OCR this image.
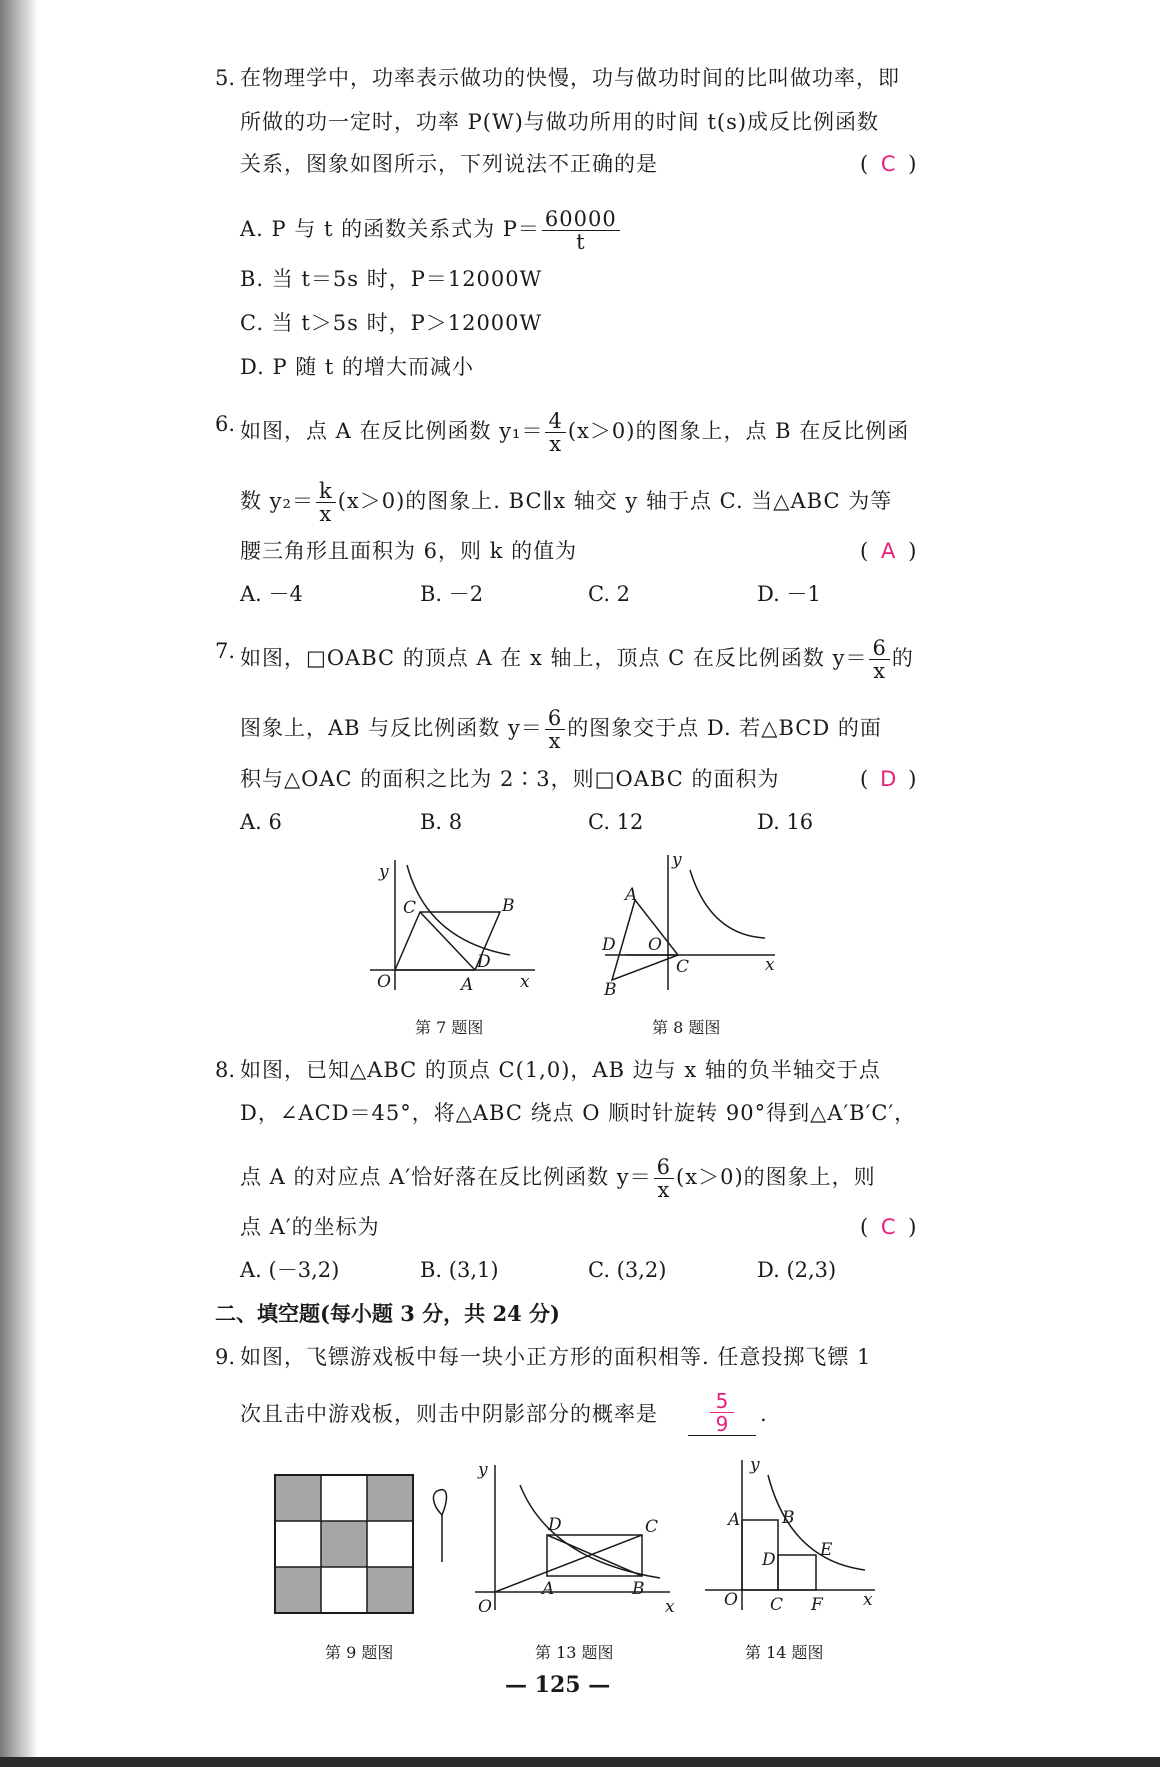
5. 在物理学中，功率表示做功的快慢，功与做功时间的比叫做功率，即
所做的功一定时，功率 P(W)与做功所用的时间 t(s)成反比例函数
关系，图象如图所示，下列说法不正确的是	( C )
A. P 与 t 的函数关系式为 $P= \frac{60000}{t}$
B. 当 t＝5s 时，P＝12000W
C. 当 t＞5s 时，P＞12000W
D. P 随 t 的增大而减小
6. 如图，点 A 在反比例函数 $y_1= \frac{4}{x} (x>0)$的图象上，点 B 在反比例函
数 $y_2= \frac{k}{x} (x>0)$的图象上. BC∥x 轴交 y 轴于点 C. 当△ABC 为等
腰三角形且面积为 6，则 k 的值为	( A )
A. －4	B. －2	C. 2	D. －1
7. 如图，□OABC 的顶点 A 在 x 轴上，顶点 C 在反比例函数 $y= \frac{6}{x}$ 的
图象上，AB 与反比例函数 $y= \frac{6}{x}$ 的图象交于点 D. 若△BCD 的面
积与△OAC 的面积之比为 2∶3，则□OABC 的面积为	( D )
A. 6	B. 8	C. 12	D. 16
y
x
O
C	B
D
A
第 7 题图
y
x
A
D O
C
B
第 8 题图
8. 如图，已知△ABC 的顶点 C(1,0)，AB 边与 x 轴的负半轴交于点
D，∠ACD＝45°，将△ABC 绕点 O 顺时针旋转 90°得到△A′B′C′，
点 A 的对应点 A′恰好落在反比例函数 $y= \frac{6}{x} (x>0)$的图象上，则
点 A′的坐标为	( C )
A. (－3,2)	B. (3,1)	C. (3,2)	D. (2,3)
二、填空题(每小题 3 分，共 24 分)
9. 如图，飞镖游戏板中每一块小正方形的面积相等. 任意投掷飞镖 1
次且击中游戏板，则击中阴影部分的概率是 $\frac{5}{9}$ .
第 9 题图
y
x
O
D	C
A	B
第 13 题图
y
x
O
A B
D	E
C F
第 14 题图
— 125 —
